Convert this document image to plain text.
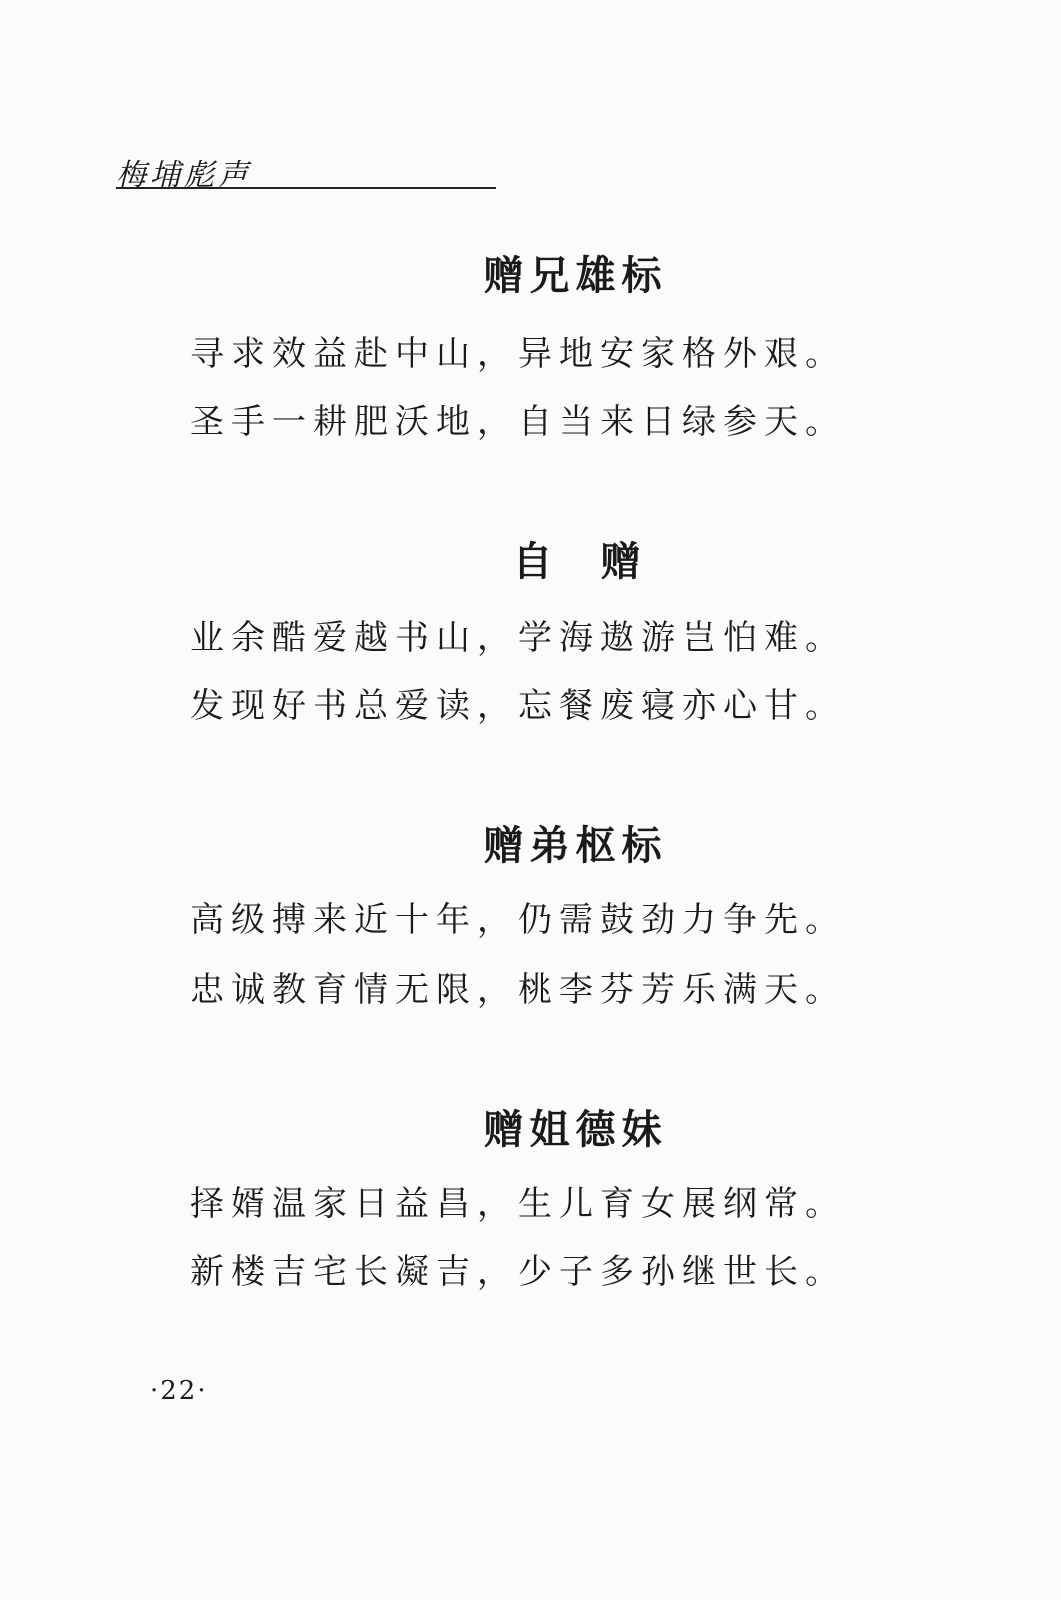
梅埔彪声
赠兄雄标
寻求效益赴中山，异地安家格外艰。
圣手一耕肥沃地，自当来日绿参天。
自赠
业余酷爱越书山，学海遨游岂怕难。
发现好书总爱读，忘餐废寝亦心甘。
赠弟枢标
高级搏来近十年，仍需鼓劲力争先。
忠诚教育情无限，桃李芬芳乐满天。
赠姐德妹
择婿温家日益昌，生儿育女展纲常。
新楼吉宅长凝吉，少子多孙继世长。
·22·
